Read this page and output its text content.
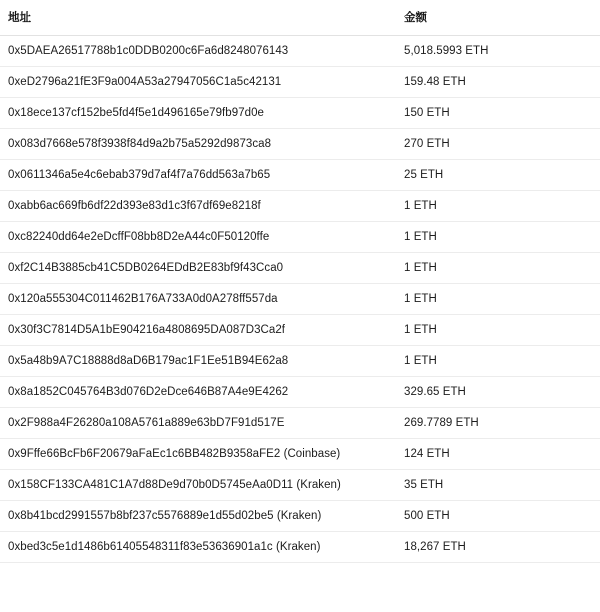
地址	金额
0x5DAEA26517788b1c0DDB0200c6Fa6d8248076143	5,018.5993 ETH
0xeD2796a21fE3F9a004A53a27947056C1a5c42131	159.48 ETH
0x18ece137cf152be5fd4f5e1d496165e79fb97d0e	150 ETH
0x083d7668e578f3938f84d9a2b75a5292d9873ca8	270 ETH
0x0611346a5e4c6ebab379d7af4f7a76dd563a7b65	25 ETH
0xabb6ac669fb6df22d393e83d1c3f67df69e8218f	1 ETH
0xc82240dd64e2eDcffF08bb8D2eA44c0F50120ffe	1 ETH
0xf2C14B3885cb41C5DB0264EDdB2E83bf9f43Cca0	1 ETH
0x120a555304C011462B176A733A0d0A278ff557da	1 ETH
0x30f3C7814D5A1bE904216a4808695DA087D3Ca2f	1 ETH
0x5a48b9A7C18888d8aD6B179ac1F1Ee51B94E62a8	1 ETH
0x8a1852C045764B3d076D2eDce646B87A4e9E4262	329.65 ETH
0x2F988a4F26280a108A5761a889e63bD7F91d517E	269.7789 ETH
0x9Fffe66BcFb6F20679aFaEc1c6BB482B9358aFE2 (Coinbase)	124 ETH
0x158CF133CA481C1A7d88De9d70b0D5745eAa0D11 (Kraken)	35 ETH
0x8b41bcd2991557b8bf237c5576889e1d55d02be5 (Kraken)	500 ETH
0xbed3c5e1d1486b61405548311f83e53636901a1c (Kraken)	18,267 ETH
